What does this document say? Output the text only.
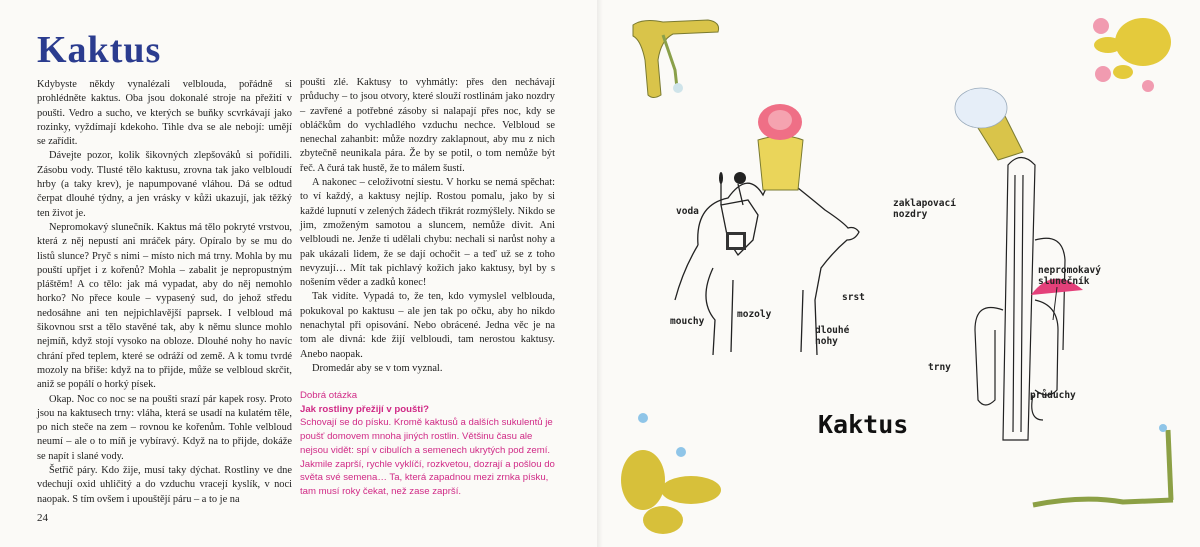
Kaktus

Kdybyste někdy vynalézali velblouda, pořádně si prohlédněte kaktus. Oba jsou dokonalé stroje na přežití v poušti. Vedro a sucho, ve kterých se buňky scvrkávají jako rozinky, vyždímají kdekoho. Tihle dva se ale nebojí: umějí se zařídit.

Dávejte pozor, kolik šikovných zlepšováků si pořídili. Zásobu vody. Tlusté tělo kaktusu, zrovna tak jako velbloudí hrby (a taky krev), je napumpované vláhou. Dá se odtud čerpat dlouhé týdny, a jen vrásky v kůži ukazují, jak těžký ten život je.

Nepromokavý slunečník. Kaktus má tělo pokryté vrstvou, která z něj nepustí ani mráček páry. Opíralo by se mu do listů slunce? Pryč s nimi – místo nich má trny. Mohla by mu pouští upřjet i z kořenů? Mohla – zabalit je nepropustným pláštěm! A co tělo: jak má vypadat, aby do něj nemohlo horko? No přece koule – vypasený sud, do jehož středu nedosáhne ani ten nejpichlavější paprsek. I velbloud má šikovnou srst a tělo stavěné tak, aby k němu slunce mohlo nejmíň, když stojí vysoko na obloze. Dlouhé nohy ho navíc chrání před teplem, které se odráží od země. A k tomu tvrdé mozoly na břiše: když na to přijde, může se velbloud skrčit, aniž se popálí o horký písek.

Okap. Noc co noc se na poušti srazí pár kapek rosy. Proto jsou na kaktusech trny: vláha, která se usadí na kulatém těle, po nich steče na zem – rovnou ke kořenům. Tohle velbloud neumí – ale o to míň je vybíravý. Když na to přijde, dokáže se napít i slané vody.

Šetřič páry. Kdo žije, musí taky dýchat. Rostliny ve dne vdechují oxid uhličitý a do vzduchu vracejí kyslík, v noci naopak. S tím ovšem i upouštějí páru – a to je na

poušti zlé. Kaktusy to vyhmátly: přes den nechávají průduchy – to jsou otvory, které slouží rostlinám jako nozdry – zavřené a potřebné zásoby si nalapají přes noc, kdy se obláčkům do vychladlého vzduchu nechce. Velbloud se nenechal zahanbit: může nozdry zaklapnout, aby mu z nich zbytečně neunikala pára. Že by se potil, o tom nemůže být řeč. A čurá tak hustě, že to málem šustí.

A nakonec – celoživotní siestu. V horku se nemá spěchat: to ví každý, a kaktusy nejlíp. Rostou pomalu, jako by si každé lupnutí v zelených žádech třikrát rozmýšlely. Nikdo se jim, zmoženým samotou a sluncem, nemůže divit. Ani velbloudi ne. Jenže ti udělali chybu: nechali si narůst nohy a pak ukázali lidem, že se dají ochočit – a teď už se z toho nevyzují… Mít tak pichlavý kožich jako kaktusy, byl by s nošením věder a zadků konec!

Tak vidíte. Vypadá to, že ten, kdo vymyslel velblouda, pokukoval po kaktusu – ale jen tak po očku, aby ho nikdo nenachytal při opisování. Nebo obrácené. Jedna věc je na tom ale divná: kde žijí velbloudi, tam nerostou kaktusy. Anebo naopak.

Dromedár aby se v tom vyznal.

Dobrá otázka
Jak rostliny přežijí v poušti?
Schovají se do písku. Kromě kaktusů a dalších sukulentů je poušť domovem mnoha jiných rostlin. Většinu času ale nejsou vidět: spí v cibulích a semenech ukrytých pod zemí. Jakmile zaprší, rychle vyklíčí, rozkvetou, dozrají a pošlou do světa své semena… Ta, která zapadnou mezi zrnka písku, tam musí roky čekat, než zase zaprší.
24
voda
zaklapovací
nozdry
srst
mouchy
mozoly
dlouhé
nohy
nepromokavý
slunečník
trny
průduchy
Kaktus
